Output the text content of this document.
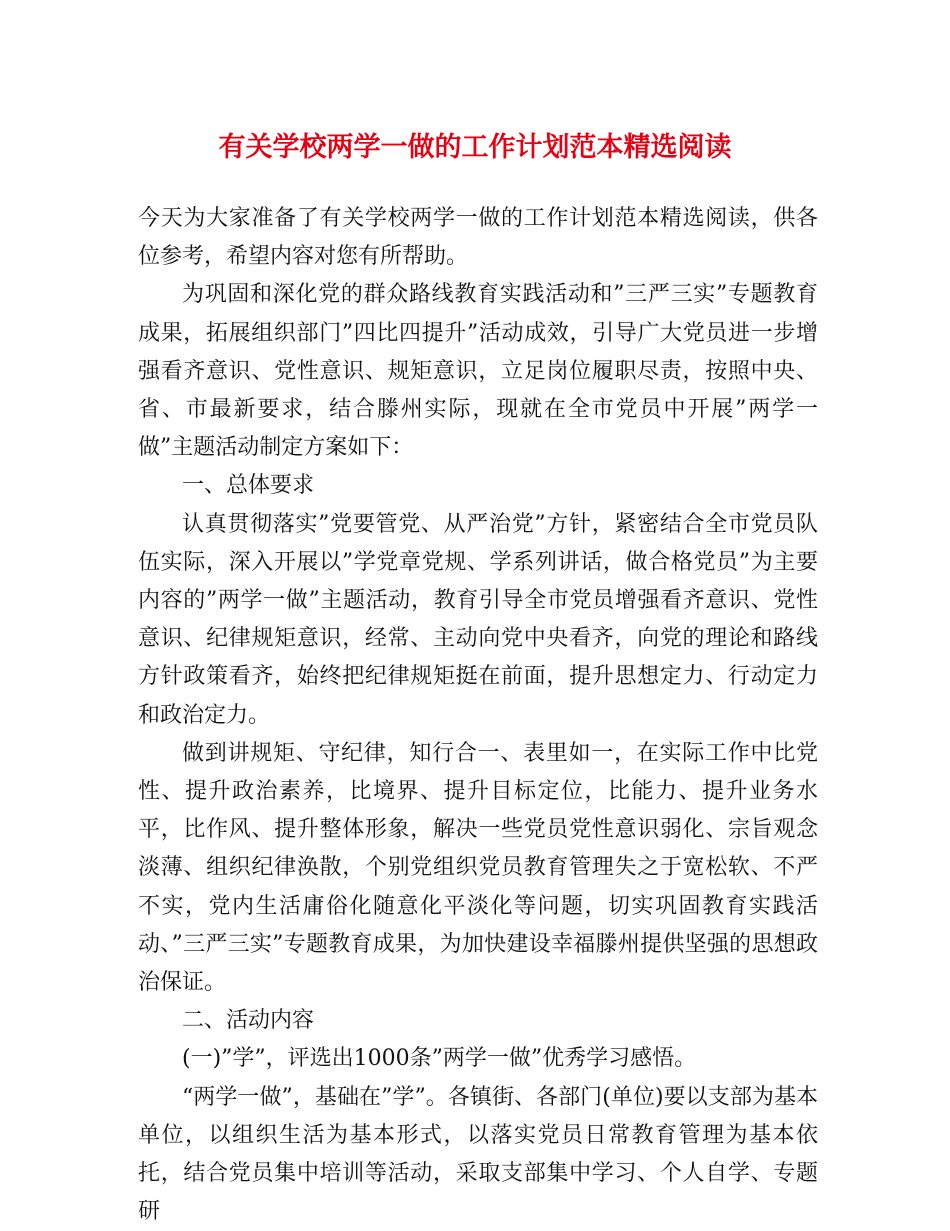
有关学校两学一做的工作计划范本精选阅读

今天为大家准备了有关学校两学一做的工作计划范本精选阅读，供各位参考，希望内容对您有所帮助。

为巩固和深化党的群众路线教育实践活动和”三严三实”专题教育成果，拓展组织部门”四比四提升”活动成效，引导广大党员进一步增强看齐意识、党性意识、规矩意识，立足岗位履职尽责，按照中央、省、市最新要求，结合滕州实际，现就在全市党员中开展”两学一做”主题活动制定方案如下：

一、总体要求

认真贯彻落实”党要管党、从严治党”方针，紧密结合全市党员队伍实际，深入开展以”学党章党规、学系列讲话，做合格党员”为主要内容的”两学一做”主题活动，教育引导全市党员增强看齐意识、党性意识、纪律规矩意识，经常、主动向党中央看齐，向党的理论和路线方针政策看齐，始终把纪律规矩挺在前面，提升思想定力、行动定力和政治定力。

做到讲规矩、守纪律，知行合一、表里如一，在实际工作中比党性、提升政治素养，比境界、提升目标定位，比能力、提升业务水平，比作风、提升整体形象，解决一些党员党性意识弱化、宗旨观念淡薄、组织纪律涣散，个别党组织党员教育管理失之于宽松软、不严不实，党内生活庸俗化随意化平淡化等问题，切实巩固教育实践活动、”三严三实”专题教育成果，为加快建设幸福滕州提供坚强的思想政治保证。

二、活动内容

(一)”学”，评选出1000条”两学一做”优秀学习感悟。

“两学一做”，基础在”学”。各镇街、各部门(单位)要以支部为基本单位，以组织生活为基本形式，以落实党员日常教育管理为基本依托，结合党员集中培训等活动，采取支部集中学习、个人自学、专题研
